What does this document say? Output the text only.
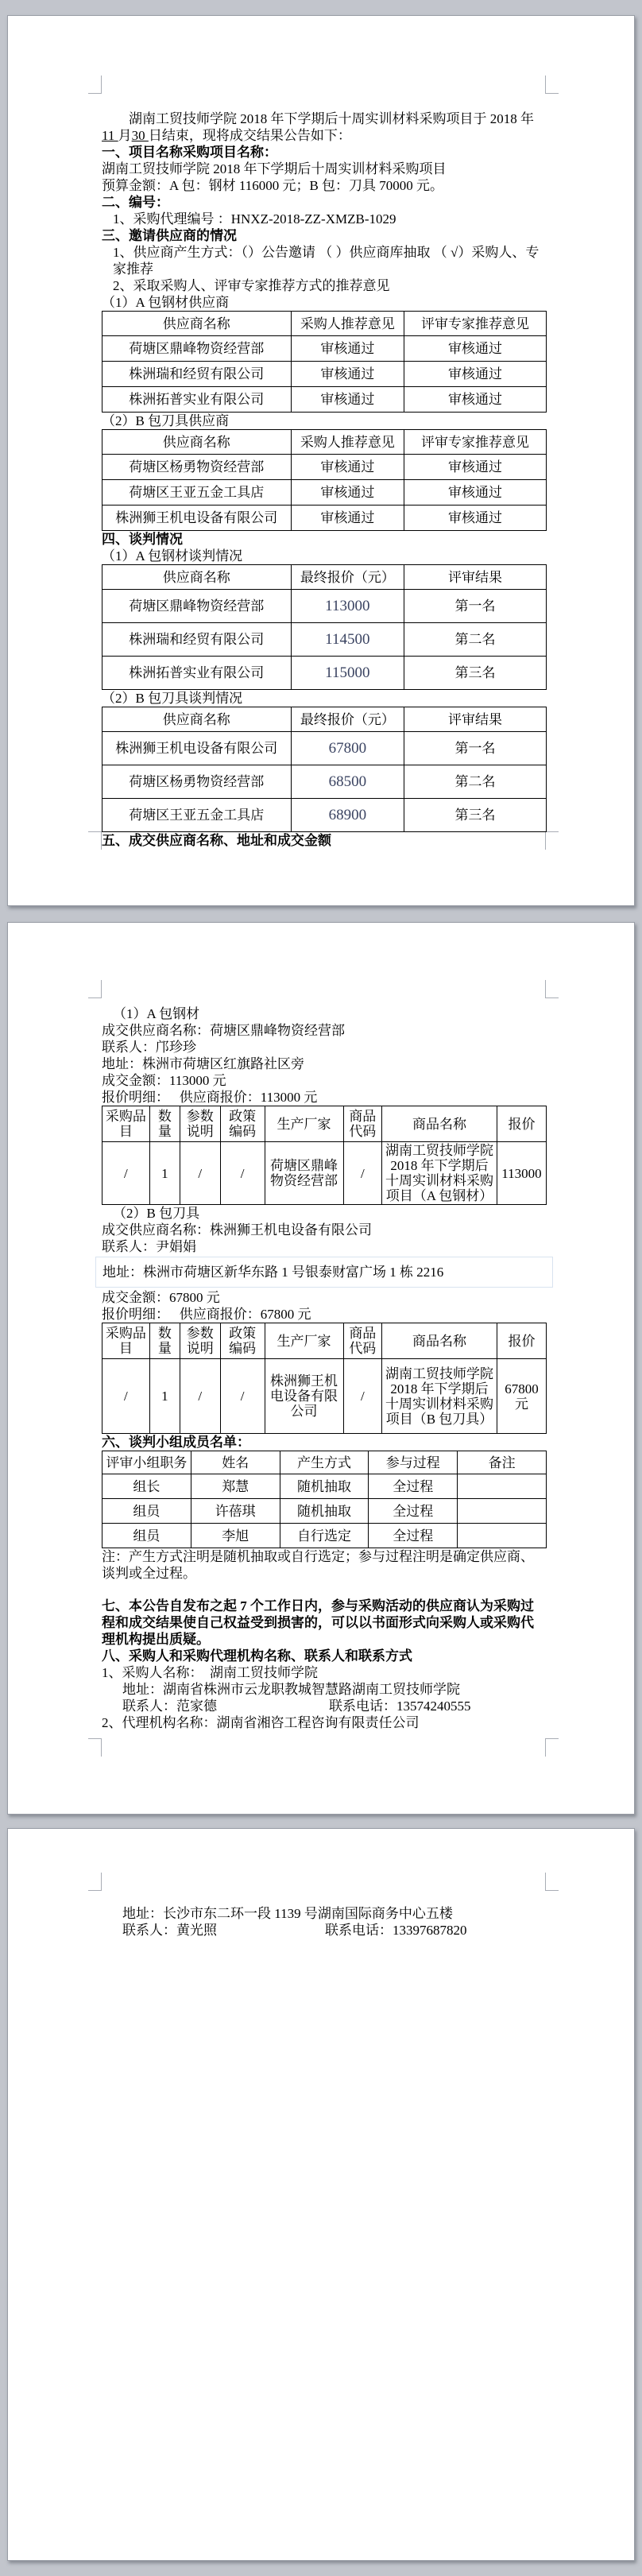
湖南工贸技师学院 2018 年下学期后十周实训材料采购项目于 2018 年 11 月30 日结束，现将成交结果公告如下：

一、项目名称采购项目名称：

湖南工贸技师学院 2018 年下学期后十周实训材料采购项目

预算金额：A 包：钢材 116000 元；B 包：刀具 70000 元。

二、编号：

1、采购代理编号 ：HNXZ-2018-ZZ-XMZB-1029

三、邀请供应商的情况

1、供应商产生方式：（）公告邀请 （ ）供应商库抽取 （ √）采购人、专家推荐

2、采取采购人、评审专家推荐方式的推荐意见

（1）A 包钢材供应商

供应商名称	采购人推荐意见	评审专家推荐意见
荷塘区鼎峰物资经营部	审核通过	审核通过
株洲瑞和经贸有限公司	审核通过	审核通过
株洲拓普实业有限公司	审核通过	审核通过

（2）B 包刀具供应商

供应商名称	采购人推荐意见	评审专家推荐意见
荷塘区杨勇物资经营部	审核通过	审核通过
荷塘区王亚五金工具店	审核通过	审核通过
株洲狮王机电设备有限公司	审核通过	审核通过

四、谈判情况

（1）A 包钢材谈判情况

供应商名称	最终报价（元）	评审结果
荷塘区鼎峰物资经营部	113000	第一名
株洲瑞和经贸有限公司	114500	第二名
株洲拓普实业有限公司	115000	第三名

（2）B 包刀具谈判情况

供应商名称	最终报价（元）	评审结果
株洲狮王机电设备有限公司	67800	第一名
荷塘区杨勇物资经营部	68500	第二名
荷塘区王亚五金工具店	68900	第三名

五、成交供应商名称、地址和成交金额

（1）A 包钢材

成交供应商名称：荷塘区鼎峰物资经营部

联系人：邝珍珍

地址：株洲市荷塘区红旗路社区旁

成交金额：113000 元

报价明细：　 供应商报价：113000 元

采购品目	数量	参数说明	政策编码	生产厂家	商品代码	商品名称	报价
/	1	/	/	荷塘区鼎峰物资经营部	/	湖南工贸技师学院 2018 年下学期后十周实训材料采购项目（A 包钢材）	113000

（2）B 包刀具

成交供应商名称：株洲狮王机电设备有限公司

联系人：尹娟娟

地址：株洲市荷塘区新华东路 1 号银泰财富广场 1 栋 2216

成交金额：67800 元

报价明细：　 供应商报价：67800 元

采购品目	数量	参数说明	政策编码	生产厂家	商品代码	商品名称	报价
/	1	/	/	株洲狮王机电设备有限公司	/	湖南工贸技师学院 2018 年下学期后十周实训材料采购项目（B 包刀具）	67800 元

六、谈判小组成员名单：

评审小组职务	姓名	产生方式	参与过程	备注
组长	郑慧	随机抽取	全过程	
组员	许蓓琪	随机抽取	全过程	
组员	李旭	自行选定	全过程	

注：产生方式注明是随机抽取或自行选定；参与过程注明是确定供应商、谈判或全过程。

七、本公告自发布之起 7 个工作日内，参与采购活动的供应商认为采购过程和成交结果使自己权益受到损害的，可以以书面形式向采购人或采购代理机构提出质疑。

八、采购人和采购代理机构名称、联系人和联系方式

1、采购人名称：　湖南工贸技师学院

地址：湖南省株洲市云龙职教城智慧路湖南工贸技师学院

联系人：范家德	联系电话：13574240555

2、代理机构名称：湖南省湘咨工程咨询有限责任公司

地址：长沙市东二环一段 1139 号湖南国际商务中心五楼

联系人：黄光照	联系电话：13397687820
